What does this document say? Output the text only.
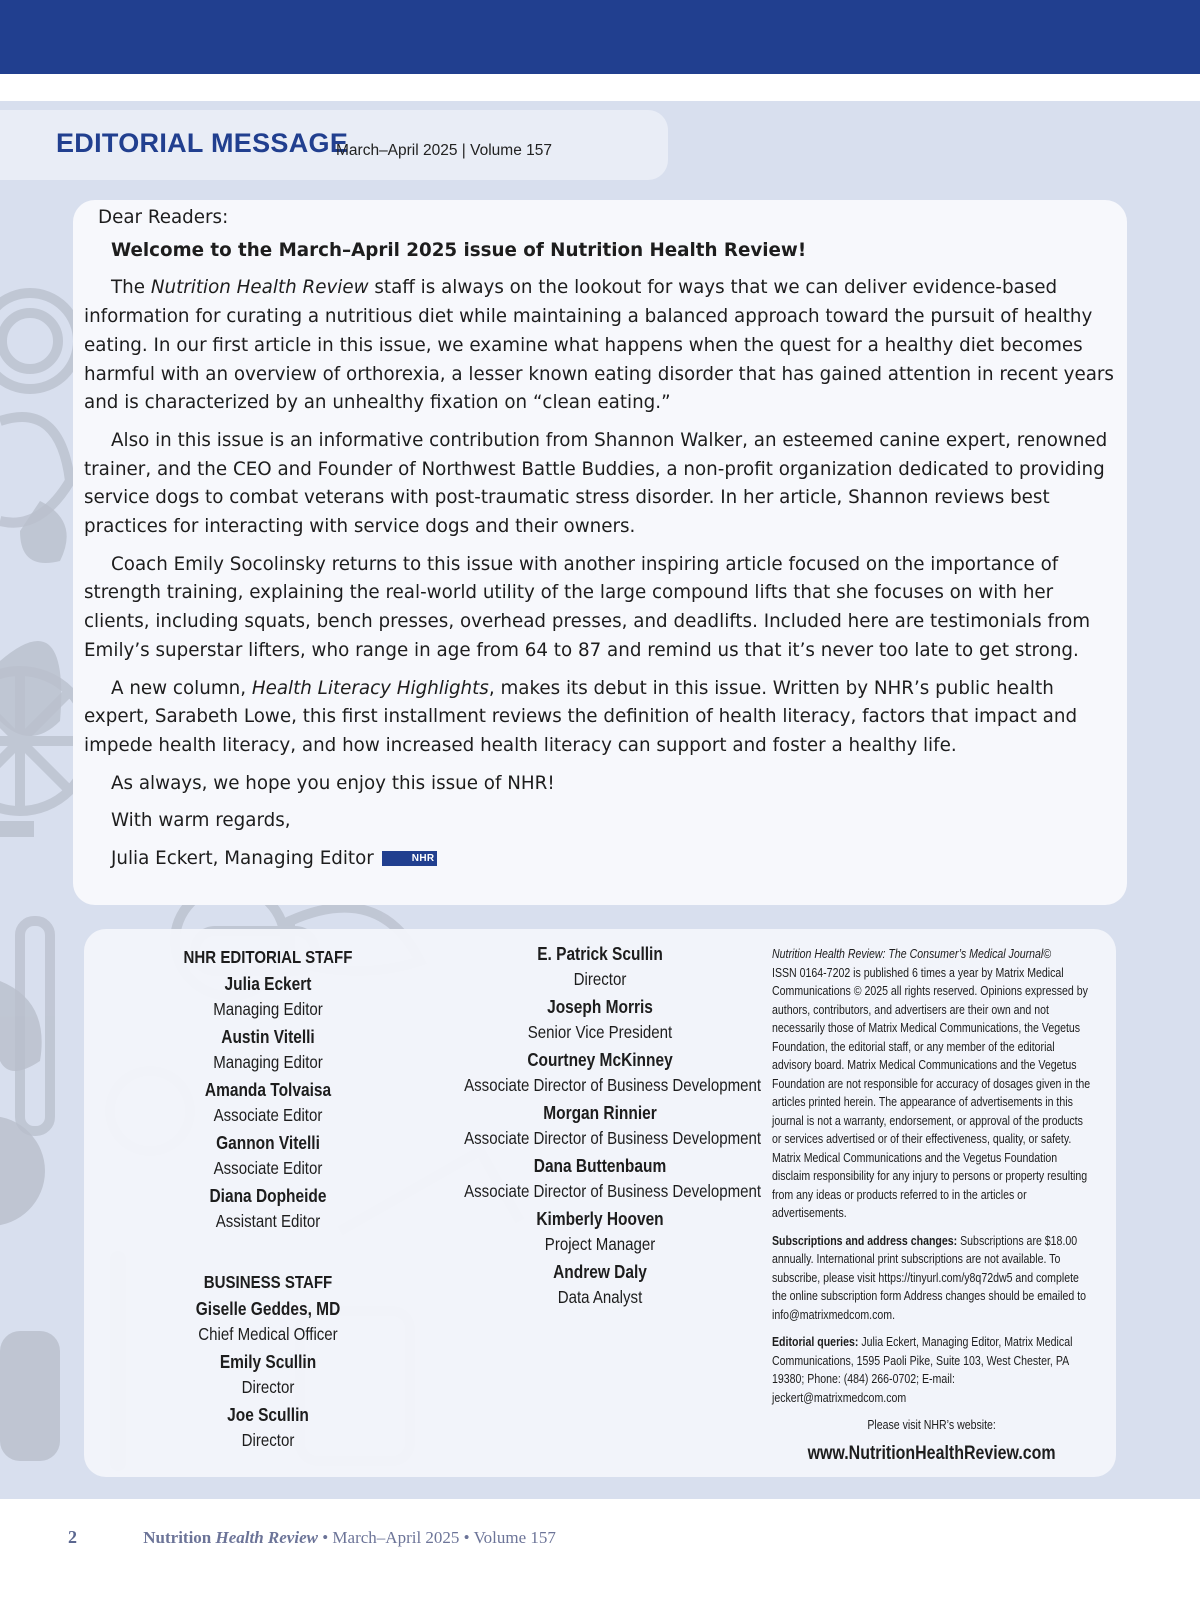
EDITORIAL MESSAGE
March–April 2025 | Volume 157

Dear Readers:

Welcome to the March–April 2025 issue of Nutrition Health Review!

The Nutrition Health Review staff is always on the lookout for ways that we can deliver evidence-based information for curating a nutritious diet while maintaining a balanced approach toward the pursuit of healthy eating. In our first article in this issue, we examine what happens when the quest for a healthy diet becomes harmful with an overview of orthorexia, a lesser known eating disorder that has gained attention in recent years and is characterized by an unhealthy fixation on “clean eating.”

Also in this issue is an informative contribution from Shannon Walker, an esteemed canine expert, renowned trainer, and the CEO and Founder of Northwest Battle Buddies, a non-profit organization dedicated to providing service dogs to combat veterans with post-traumatic stress disorder. In her article, Shannon reviews best practices for interacting with service dogs and their owners.

Coach Emily Socolinsky returns to this issue with another inspiring article focused on the importance of strength training, explaining the real-world utility of the large compound lifts that she focuses on with her clients, including squats, bench presses, overhead presses, and deadlifts. Included here are testimonials from Emily’s superstar lifters, who range in age from 64 to 87 and remind us that it’s never too late to get strong.

A new column, Health Literacy Highlights, makes its debut in this issue. Written by NHR’s public health expert, Sarabeth Lowe, this first installment reviews the definition of health literacy, factors that impact and impede health literacy, and how increased health literacy can support and foster a healthy life.

As always, we hope you enjoy this issue of NHR!

With warm regards,

Julia Eckert, Managing Editor	NHR

NHR EDITORIAL STAFF
Julia Eckert
Managing Editor
Austin Vitelli
Managing Editor
Amanda Tolvaisa
Associate Editor
Gannon Vitelli
Associate Editor
Diana Dopheide
Assistant Editor
BUSINESS STAFF
Giselle Geddes, MD
Chief Medical Officer
Emily Scullin
Director
Joe Scullin
Director
E. Patrick Scullin
Director
Joseph Morris
Senior Vice President
Courtney McKinney
Associate Director of Business Development
Morgan Rinnier
Associate Director of Business Development
Dana Buttenbaum
Associate Director of Business Development
Kimberly Hooven
Project Manager
Andrew Daly
Data Analyst

Nutrition Health Review: The Consumer’s Medical Journal©
ISSN 0164-7202 is published 6 times a year by Matrix Medical Communications © 2025 all rights reserved. Opinions expressed by authors, contributors, and advertisers are their own and not necessarily those of Matrix Medical Communications, the Vegetus Foundation, the editorial staff, or any member of the editorial advisory board. Matrix Medical Communications and the Vegetus Foundation are not responsible for accuracy of dosages given in the articles printed herein. The appearance of advertisements in this journal is not a warranty, endorsement, or approval of the products or services advertised or of their effectiveness, quality, or safety. Matrix Medical Communications and the Vegetus Foundation disclaim responsibility for any injury to persons or property resulting from any ideas or products referred to in the articles or advertisements.

Subscriptions and address changes: Subscriptions are $18.00 annually. International print subscriptions are not available. To subscribe, please visit https://tinyurl.com/y8q72dw5 and complete the online subscription form Address changes should be emailed to info@matrixmedcom.com.

Editorial queries: Julia Eckert, Managing Editor, Matrix Medical Communications, 1595 Paoli Pike, Suite 103, West Chester, PA 19380; Phone: (484) 266-0702; E-mail: jeckert@matrixmedcom.com

Please visit NHR’s website:

www.NutritionHealthReview.com

2	Nutrition Health Review • March–April 2025 • Volume 157
